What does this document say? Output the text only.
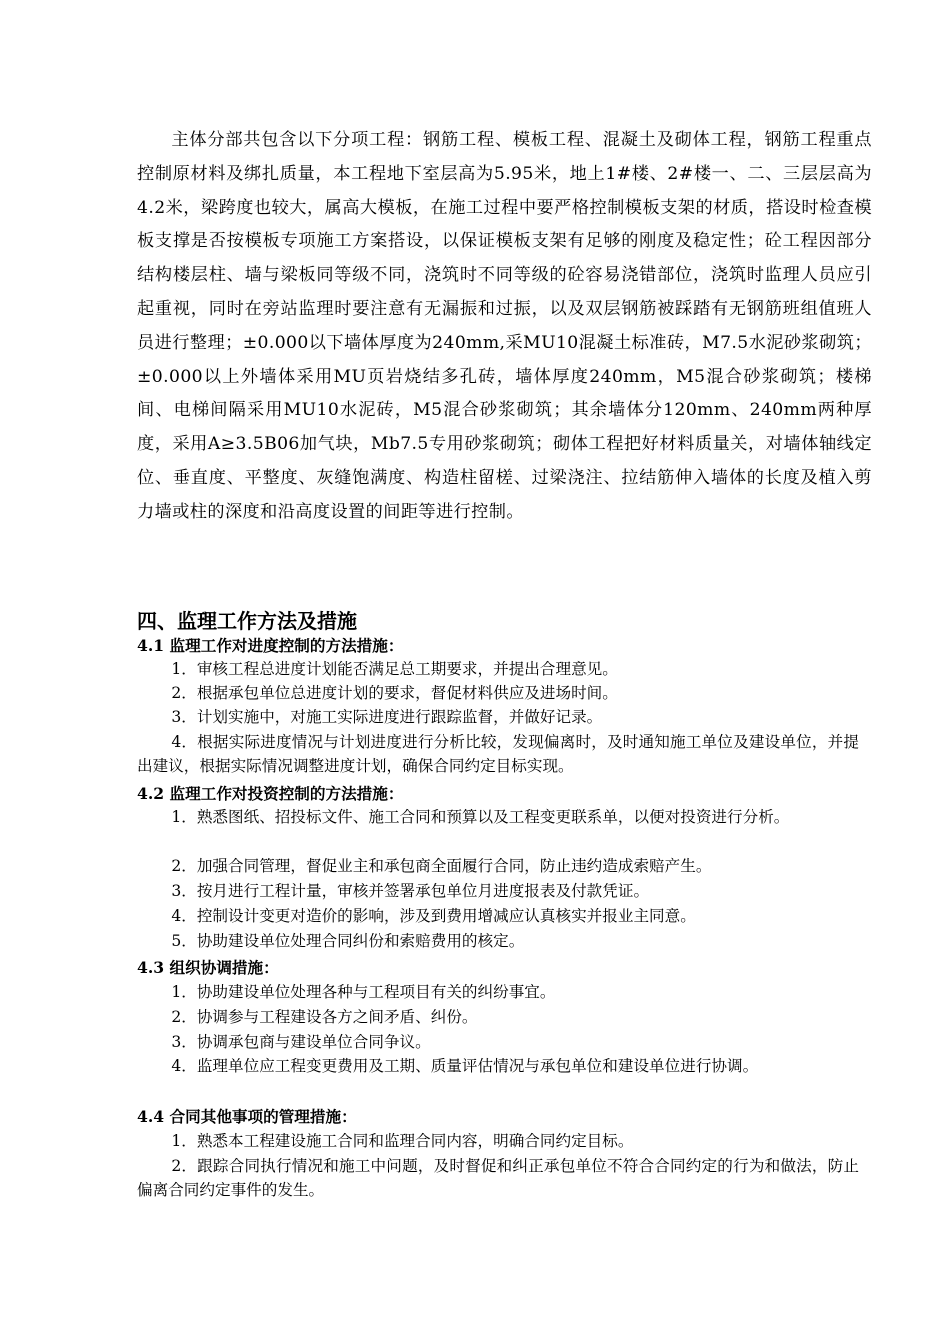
主体分部共包含以下分项工程：钢筋工程、模板工程、混凝土及砌体工程，钢筋工程重点控制原材料及绑扎质量，本工程地下室层高为5.95米，地上1#楼、2#楼一、二、三层层高为4.2米，梁跨度也较大，属高大模板，在施工过程中要严格控制模板支架的材质，搭设时检查模板支撑是否按模板专项施工方案搭设，以保证模板支架有足够的刚度及稳定性；砼工程因部分结构楼层柱、墙与梁板同等级不同，浇筑时不同等级的砼容易浇错部位，浇筑时监理人员应引起重视，同时在旁站监理时要注意有无漏振和过振，以及双层钢筋被踩踏有无钢筋班组值班人员进行整理；±0.000以下墙体厚度为240mm,采MU10混凝土标准砖，M7.5水泥砂浆砌筑；±0.000以上外墙体采用MU页岩烧结多孔砖，墙体厚度240mm，M5混合砂浆砌筑；楼梯间、电梯间隔采用MU10水泥砖，M5混合砂浆砌筑；其余墙体分120mm、240mm两种厚度，采用A≥3.5B06加气块，Mb7.5专用砂浆砌筑；砌体工程把好材料质量关，对墙体轴线定位、垂直度、平整度、灰缝饱满度、构造柱留槎、过梁浇注、拉结筋伸入墙体的长度及植入剪力墙或柱的深度和沿高度设置的间距等进行控制。

四、监理工作方法及措施
4.1 监理工作对进度控制的方法措施：

1．审核工程总进度计划能否满足总工期要求，并提出合理意见。

2．根据承包单位总进度计划的要求，督促材料供应及进场时间。

3．计划实施中，对施工实际进度进行跟踪监督，并做好记录。

4．根据实际进度情况与计划进度进行分析比较，发现偏离时，及时通知施工单位及建设单位，并提出建议，根据实际情况调整进度计划，确保合同约定目标实现。

4.2 监理工作对投资控制的方法措施：

1．熟悉图纸、招投标文件、施工合同和预算以及工程变更联系单，以便对投资进行分析。

2．加强合同管理，督促业主和承包商全面履行合同，防止违约造成索赔产生。

3．按月进行工程计量，审核并签署承包单位月进度报表及付款凭证。

4．控制设计变更对造价的影响，涉及到费用增减应认真核实并报业主同意。

5．协助建设单位处理合同纠份和索赔费用的核定。

4.3 组织协调措施：

1．协助建设单位处理各种与工程项目有关的纠纷事宜。

2．协调参与工程建设各方之间矛盾、纠份。

3．协调承包商与建设单位合同争议。

4．监理单位应工程变更费用及工期、质量评估情况与承包单位和建设单位进行协调。

4.4 合同其他事项的管理措施：

1．熟悉本工程建设施工合同和监理合同内容，明确合同约定目标。

2．跟踪合同执行情况和施工中问题，及时督促和纠正承包单位不符合合同约定的行为和做法，防止偏离合同约定事件的发生。
